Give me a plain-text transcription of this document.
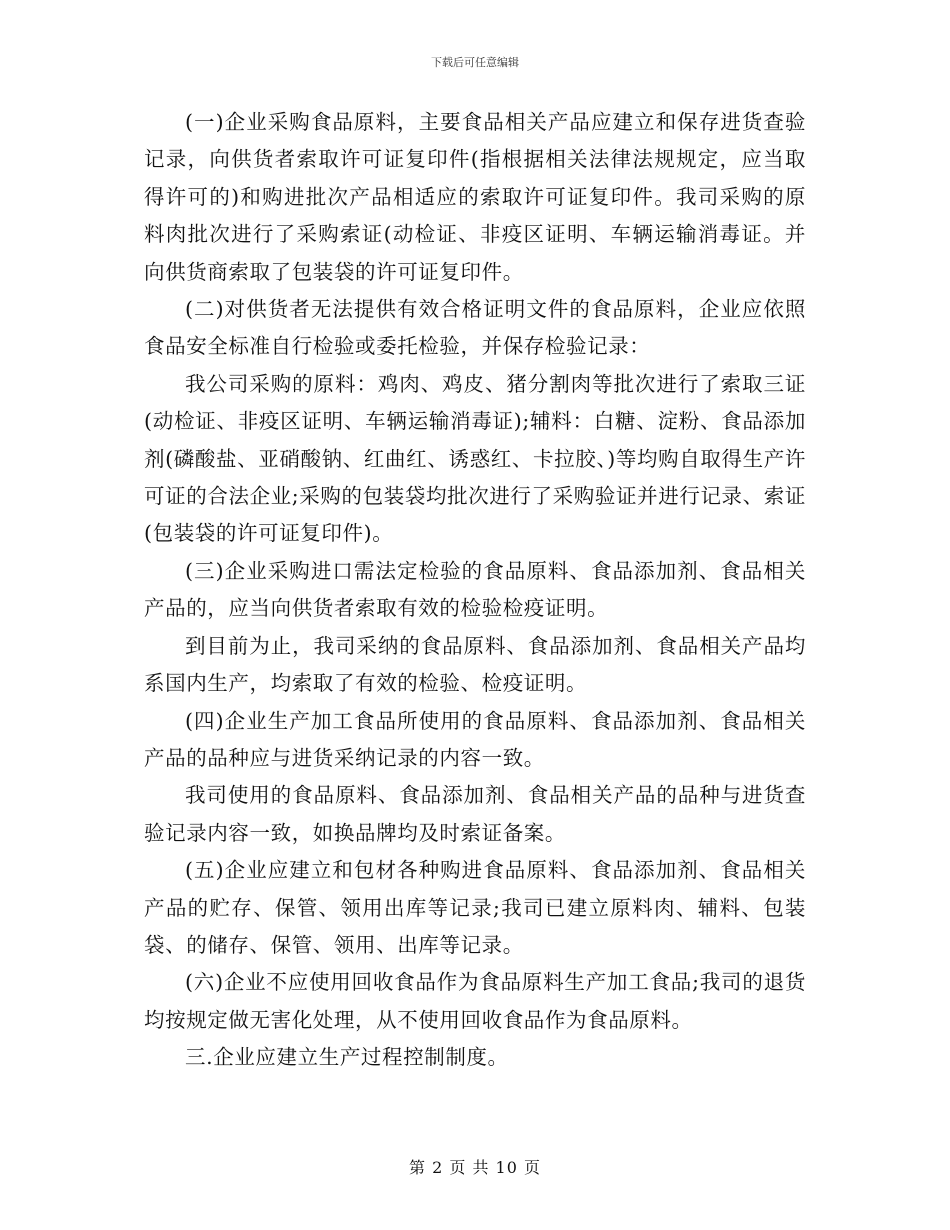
下载后可任意编辑

(一)企业采购食品原料，主要食品相关产品应建立和保存进货查验记录，向供货者索取许可证复印件(指根据相关法律法规规定，应当取得许可的)和购进批次产品相适应的索取许可证复印件。我司采购的原料肉批次进行了采购索证(动检证、非疫区证明、车辆运输消毒证。并向供货商索取了包装袋的许可证复印件。

(二)对供货者无法提供有效合格证明文件的食品原料，企业应依照食品安全标准自行检验或委托检验，并保存检验记录：

我公司采购的原料：鸡肉、鸡皮、猪分割肉等批次进行了索取三证(动检证、非疫区证明、车辆运输消毒证);辅料：白糖、淀粉、食品添加剂(磷酸盐、亚硝酸钠、红曲红、诱惑红、卡拉胶、)等均购自取得生产许可证的合法企业;采购的包装袋均批次进行了采购验证并进行记录、索证(包装袋的许可证复印件)。

(三)企业采购进口需法定检验的食品原料、食品添加剂、食品相关产品的，应当向供货者索取有效的检验检疫证明。

到目前为止，我司采纳的食品原料、食品添加剂、食品相关产品均系国内生产，均索取了有效的检验、检疫证明。

(四)企业生产加工食品所使用的食品原料、食品添加剂、食品相关产品的品种应与进货采纳记录的内容一致。

我司使用的食品原料、食品添加剂、食品相关产品的品种与进货查验记录内容一致，如换品牌均及时索证备案。

(五)企业应建立和包材各种购进食品原料、食品添加剂、食品相关产品的贮存、保管、领用出库等记录;我司已建立原料肉、辅料、包装袋、的储存、保管、领用、出库等记录。

(六)企业不应使用回收食品作为食品原料生产加工食品;我司的退货均按规定做无害化处理，从不使用回收食品作为食品原料。

三.企业应建立生产过程控制制度。

第 2 页 共 10 页
